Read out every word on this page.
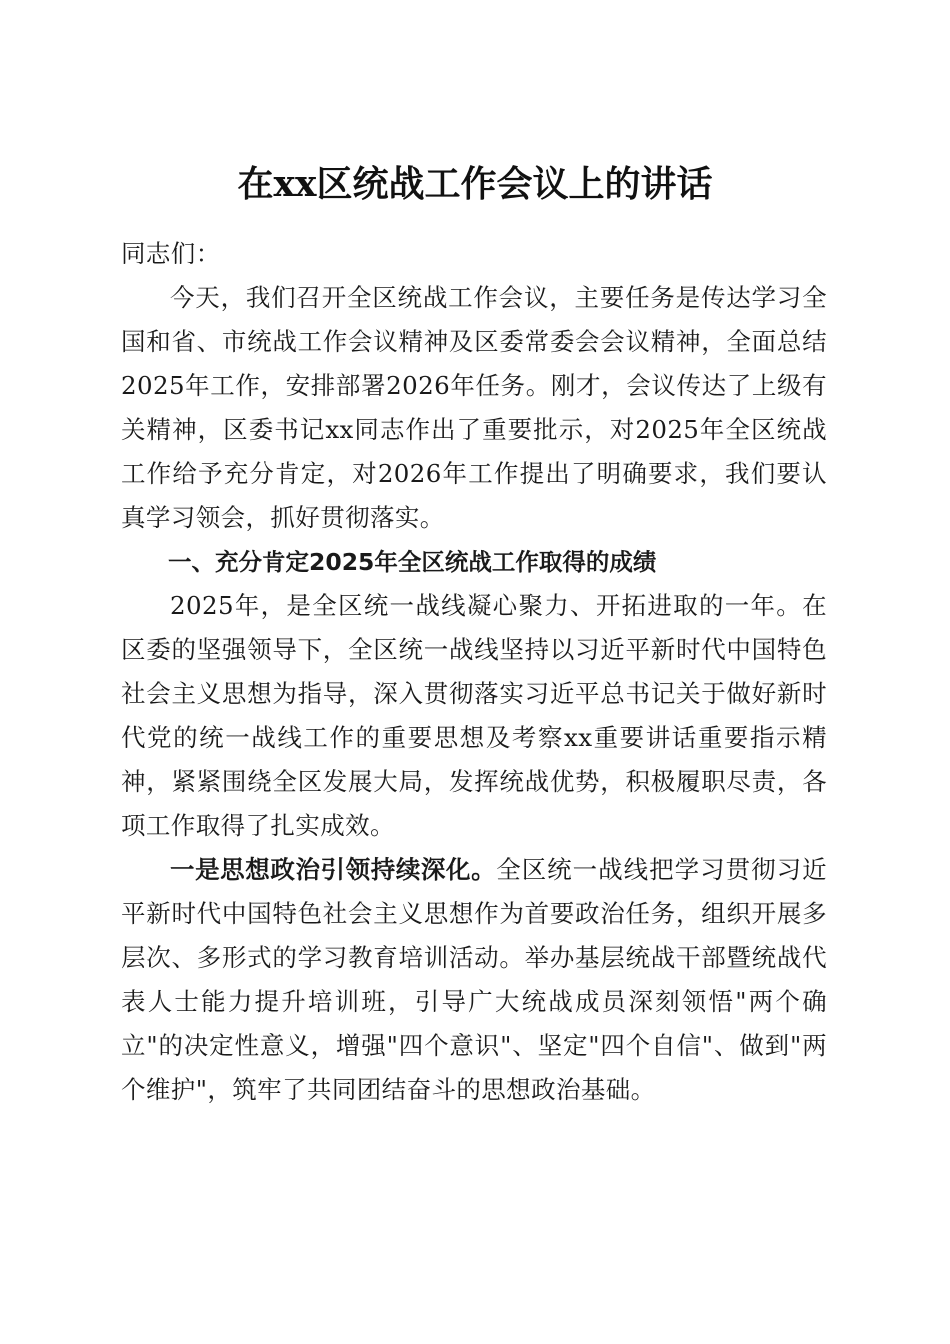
在xx区统战工作会议上的讲话

同志们：

今天，我们召开全区统战工作会议，主要任务是传达学习全国和省、市统战工作会议精神及区委常委会会议精神，全面总结2025年工作，安排部署2026年任务。刚才，会议传达了上级有关精神，区委书记xx同志作出了重要批示，对2025年全区统战工作给予充分肯定，对2026年工作提出了明确要求，我们要认真学习领会，抓好贯彻落实。

一、充分肯定2025年全区统战工作取得的成绩

2025年，是全区统一战线凝心聚力、开拓进取的一年。在区委的坚强领导下，全区统一战线坚持以习近平新时代中国特色社会主义思想为指导，深入贯彻落实习近平总书记关于做好新时代党的统一战线工作的重要思想及考察xx重要讲话重要指示精神，紧紧围绕全区发展大局，发挥统战优势，积极履职尽责，各项工作取得了扎实成效。

一是思想政治引领持续深化。全区统一战线把学习贯彻习近平新时代中国特色社会主义思想作为首要政治任务，组织开展多层次、多形式的学习教育培训活动。举办基层统战干部暨统战代表人士能力提升培训班，引导广大统战成员深刻领悟"两个确立"的决定性意义，增强"四个意识"、坚定"四个自信"、做到"两个维护"，筑牢了共同团结奋斗的思想政治基础。
